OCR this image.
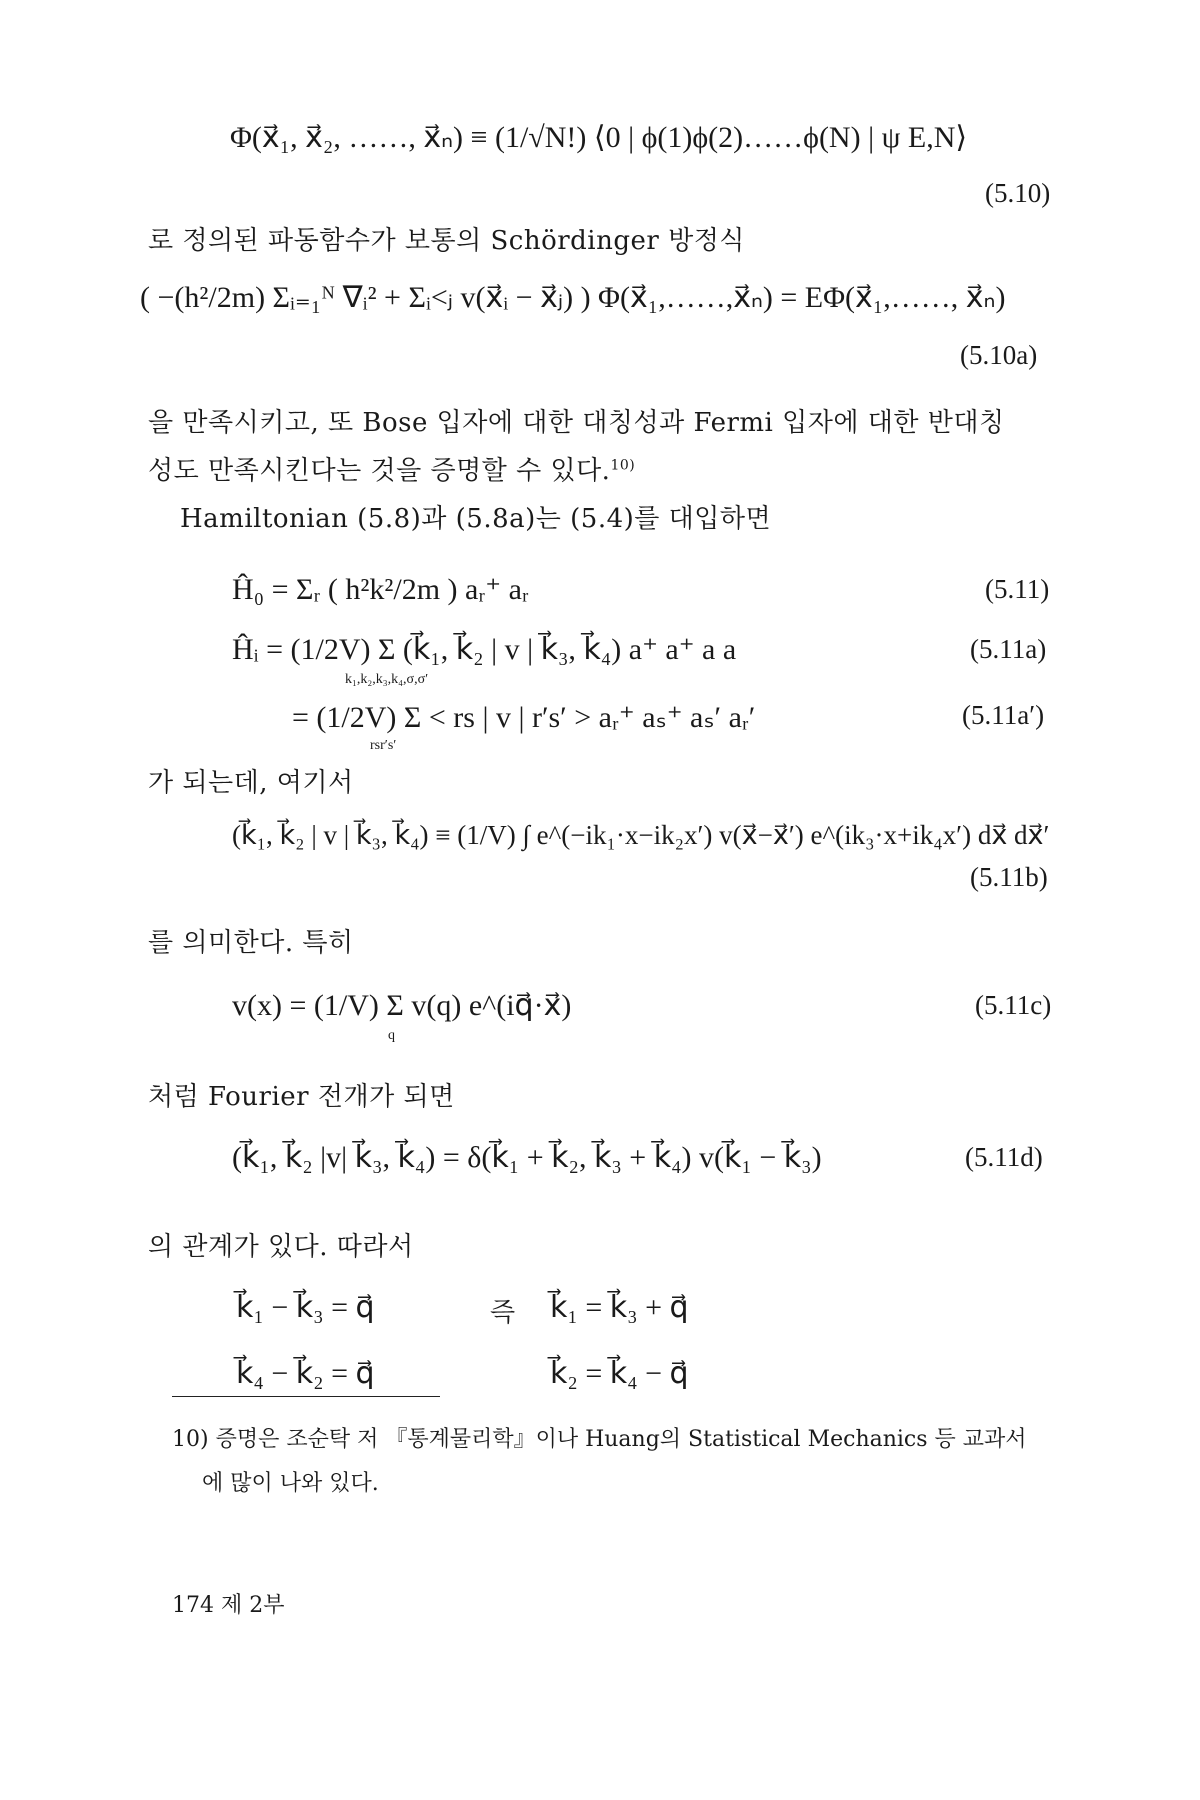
Φ(x⃗₁, x⃗₂, ……, x⃗ₙ) ≡ (1/√N!) ⟨0 | ϕ(1)ϕ(2)……ϕ(N) | ψ E,N⟩
(5.10)
로 정의된 파동함수가 보통의 Schördinger 방정식
( −(h²/2m) Σᵢ₌₁ᴺ ∇ᵢ² + Σᵢ<ⱼ v(x⃗ᵢ − x⃗ⱼ) ) Φ(x⃗₁,……,x⃗ₙ) = EΦ(x⃗₁,……, x⃗ₙ)
(5.10a)
을 만족시키고, 또 Bose 입자에 대한 대칭성과 Fermi 입자에 대한 반대칭
성도 만족시킨다는 것을 증명할 수 있다.$^{10)}$
Hamiltonian (5.8)과 (5.8a)는 (5.4)를 대입하면
Ĥ₀ = Σᵣ ( h²k²/2m ) aᵣ⁺ aᵣ	(5.11)
Ĥᵢ = (1/2V) Σ (k⃗₁, k⃗₂ | v | k⃗₃, k⃗₄) a⁺ a⁺ a a
k₁,k₂,k₃,k₄,σ,σ′
(5.11a)
= (1/2V) Σ < rs | v | r′s′ > aᵣ⁺ aₛ⁺ aₛ′ aᵣ′
rsr′s′
(5.11a′)
가 되는데, 여기서
(k⃗₁, k⃗₂ | v | k⃗₃, k⃗₄) ≡ (1/V) ∫ e^(−ik₁·x−ik₂x′) v(x⃗−x⃗′) e^(ik₃·x+ik₄x′) dx⃗ dx⃗′
(5.11b)
를 의미한다. 특히
v(x) = (1/V) Σ v(q) e^(iq⃗·x⃗)
q
(5.11c)
처럼 Fourier 전개가 되면
(k⃗₁, k⃗₂ |v| k⃗₃, k⃗₄) = δ(k⃗₁ + k⃗₂, k⃗₃ + k⃗₄) v(k⃗₁ − k⃗₃)	(5.11d)
의 관계가 있다. 따라서
k⃗₁ − k⃗₃ = q⃗	즉 k⃗₁ = k⃗₃ + q⃗
k⃗₄ − k⃗₂ = q⃗	k⃗₂ = k⃗₄ − q⃗
10) 증명은 조순탁 저 『통계물리학』이나 Huang의 Statistical Mechanics 등 교과서
에 많이 나와 있다.
174 제 2부
